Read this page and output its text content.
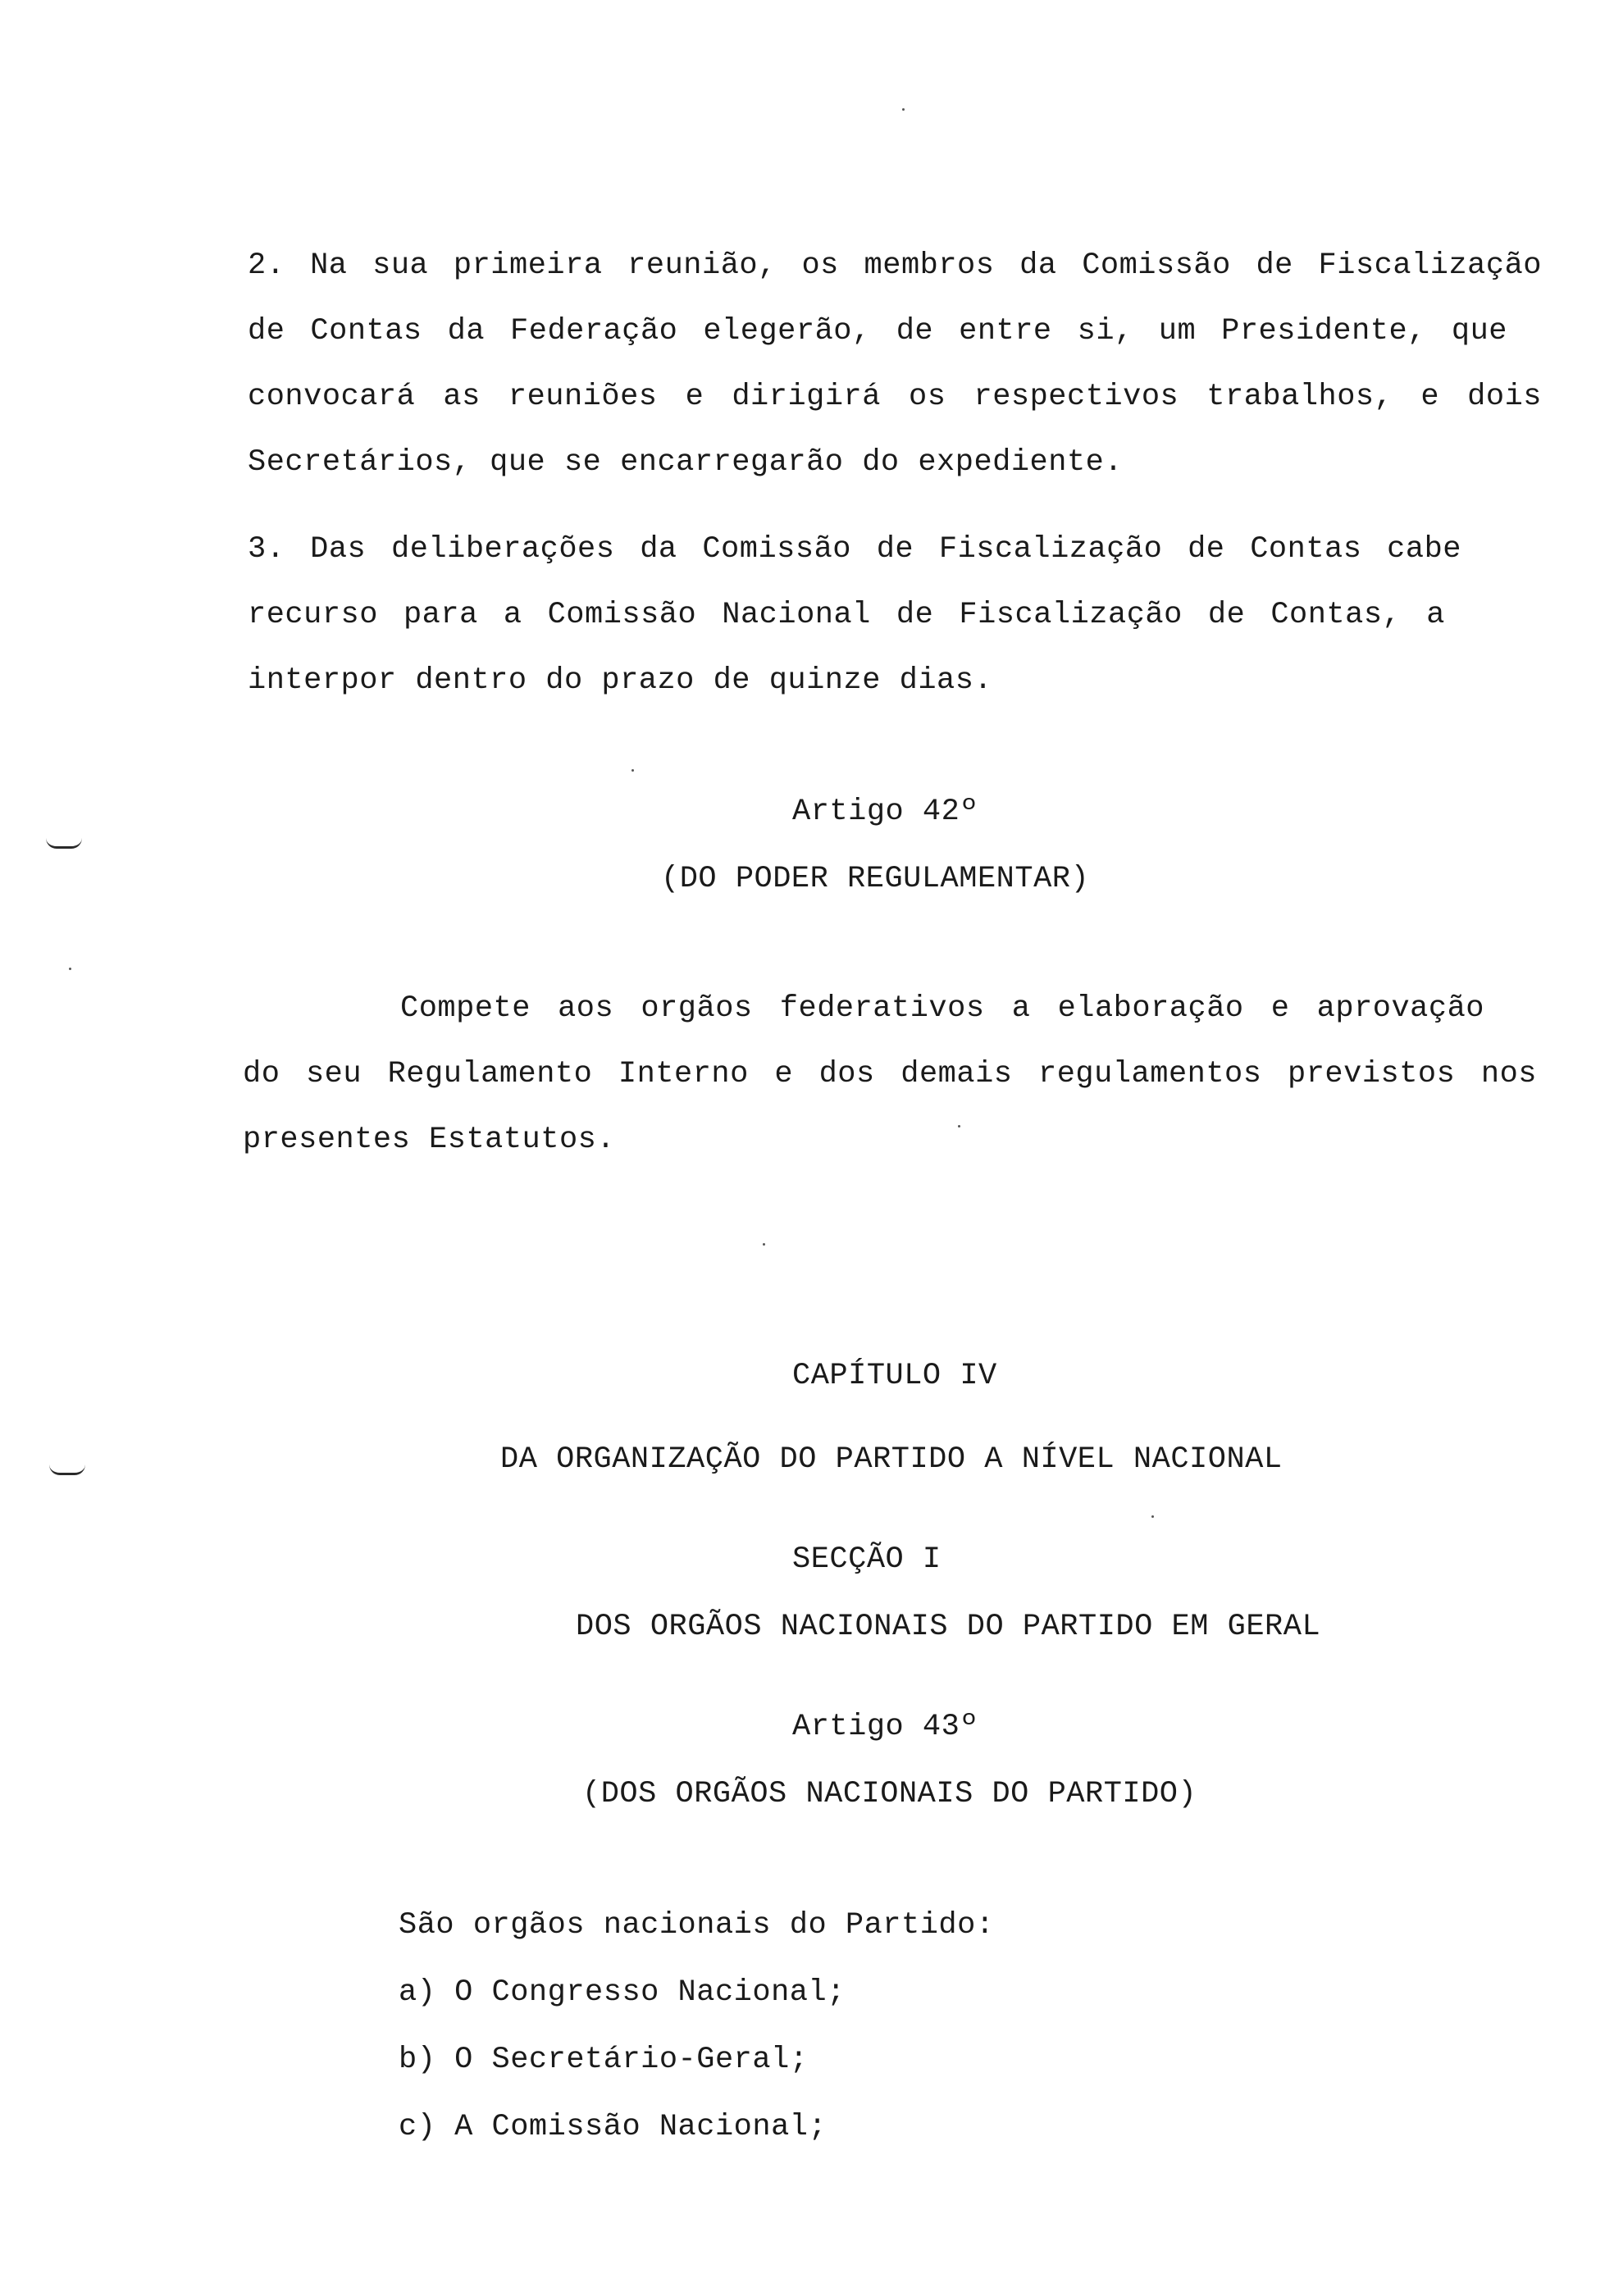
2. Na sua primeira reunião, os membros da Comissão de Fiscalização
de Contas da Federação elegerão, de entre si, um Presidente, que
convocará as reuniões e dirigirá os respectivos trabalhos, e dois
Secretários, que se encarregarão do expediente.
3. Das deliberações da Comissão de Fiscalização de Contas cabe
recurso para a Comissão Nacional de Fiscalização de Contas, a
interpor dentro do prazo de quinze dias.
Artigo 42º
(DO PODER REGULAMENTAR)
Compete aos orgãos federativos a elaboração e aprovação
do seu Regulamento Interno e dos demais regulamentos previstos nos
presentes Estatutos.
CAPÍTULO IV
DA ORGANIZAÇÃO DO PARTIDO A NÍVEL NACIONAL
SECÇÃO I
DOS ORGÃOS NACIONAIS DO PARTIDO EM GERAL
Artigo 43º
(DOS ORGÃOS NACIONAIS DO PARTIDO)
São orgãos nacionais do Partido:
a) O Congresso Nacional;
b) O Secretário-Geral;
c) A Comissão Nacional;
